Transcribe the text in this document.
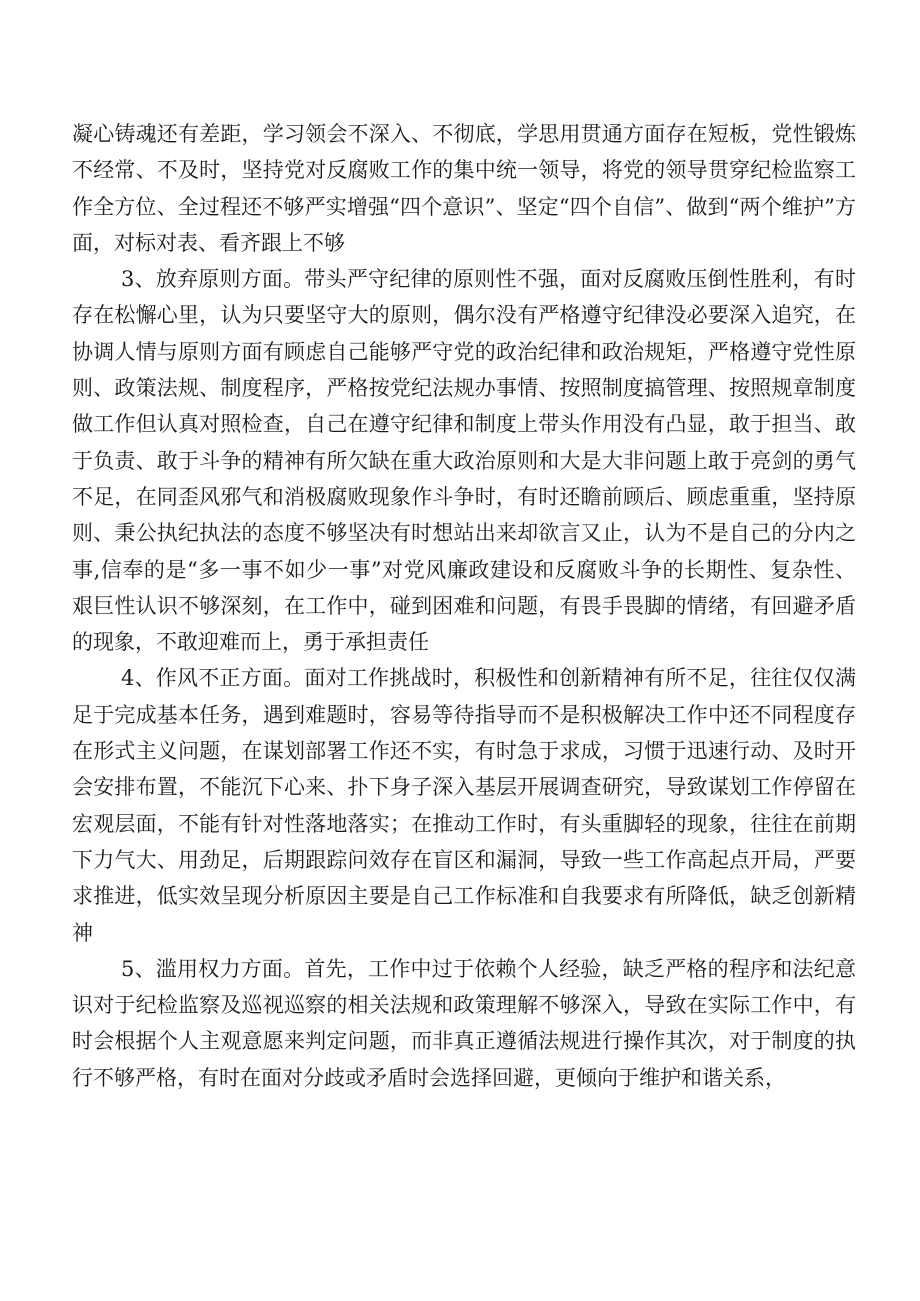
凝心铸魂还有差距，学习领会不深入、不彻底，学思用贯通方面存在短板，党性锻炼不经常、不及时，坚持党对反腐败工作的集中统一领导，将党的领导贯穿纪检监察工作全方位、全过程还不够严实增强“四个意识”、坚定“四个自信”、做到“两个维护”方面，对标对表、看齐跟上不够

3、放弃原则方面。带头严守纪律的原则性不强，面对反腐败压倒性胜利，有时存在松懈心里，认为只要坚守大的原则，偶尔没有严格遵守纪律没必要深入追究，在协调人情与原则方面有顾虑自己能够严守党的政治纪律和政治规矩，严格遵守党性原则、政策法规、制度程序，严格按党纪法规办事情、按照制度搞管理、按照规章制度做工作但认真对照检查，自己在遵守纪律和制度上带头作用没有凸显，敢于担当、敢于负责、敢于斗争的精神有所欠缺在重大政治原则和大是大非问题上敢于亮剑的勇气不足，在同歪风邪气和消极腐败现象作斗争时，有时还瞻前顾后、顾虑重重，坚持原则、秉公执纪执法的态度不够坚决有时想站出来却欲言又止，认为不是自己的分内之事,信奉的是“多一事不如少一事”对党风廉政建设和反腐败斗争的长期性、复杂性、艰巨性认识不够深刻，在工作中，碰到困难和问题，有畏手畏脚的情绪，有回避矛盾的现象，不敢迎难而上，勇于承担责任

4、作风不正方面。面对工作挑战时，积极性和创新精神有所不足，往往仅仅满足于完成基本任务，遇到难题时，容易等待指导而不是积极解决工作中还不同程度存在形式主义问题，在谋划部署工作还不实，有时急于求成，习惯于迅速行动、及时开会安排布置，不能沉下心来、扑下身子深入基层开展调查研究，导致谋划工作停留在宏观层面，不能有针对性落地落实；在推动工作时，有头重脚轻的现象，往往在前期下力气大、用劲足，后期跟踪问效存在盲区和漏洞，导致一些工作高起点开局，严要求推进，低实效呈现分析原因主要是自己工作标准和自我要求有所降低，缺乏创新精神

5、滥用权力方面。首先，工作中过于依赖个人经验，缺乏严格的程序和法纪意识对于纪检监察及巡视巡察的相关法规和政策理解不够深入，导致在实际工作中，有时会根据个人主观意愿来判定问题，而非真正遵循法规进行操作其次，对于制度的执行不够严格，有时在面对分歧或矛盾时会选择回避，更倾向于维护和谐关系，
